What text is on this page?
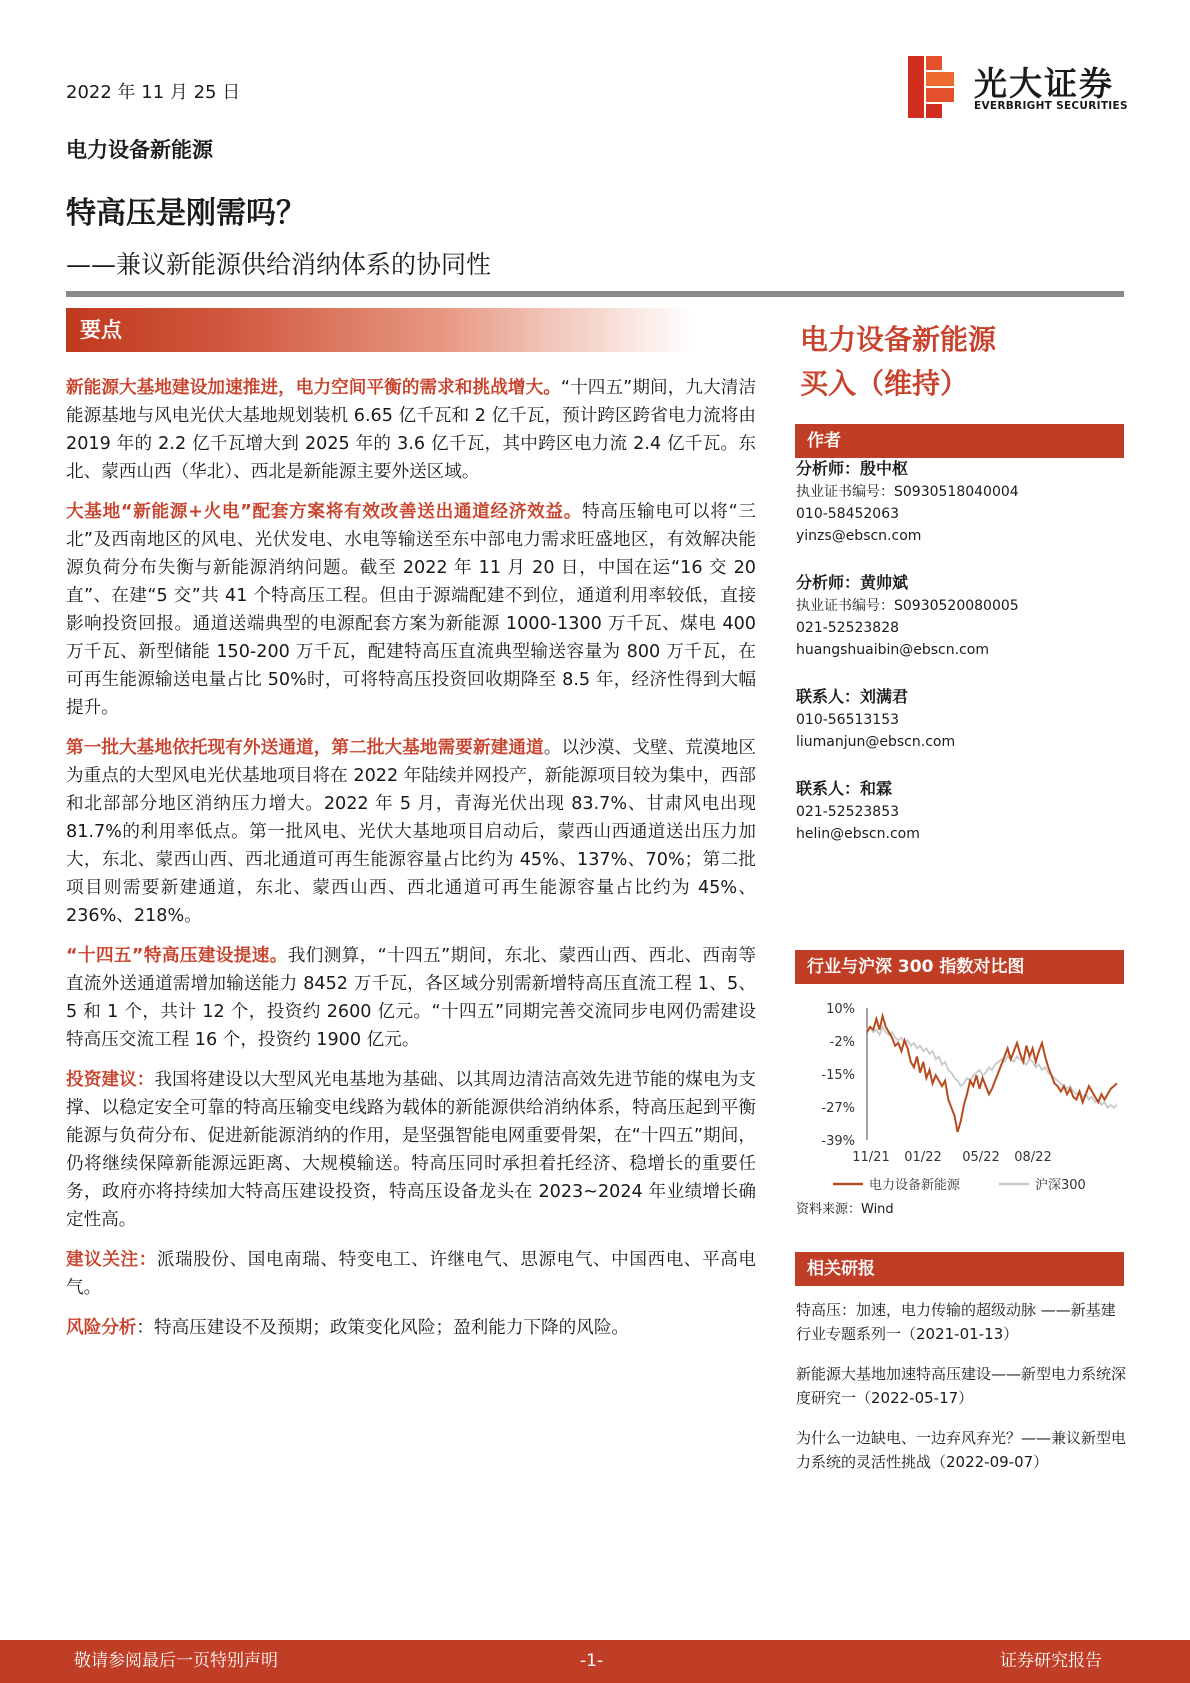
2022 年 11 月 25 日	光大证券
EVERBRIGHT SECURITIES
电力设备新能源
特高压是刚需吗？
——兼议新能源供给消纳体系的协同性
要点

新能源大基地建设加速推进，电力空间平衡的需求和挑战增大。“十四五”期间，九大清洁能源基地与风电光伏大基地规划装机 6.65 亿千瓦和 2 亿千瓦，预计跨区跨省电力流将由 2019 年的 2.2 亿千瓦增大到 2025 年的 3.6 亿千瓦，其中跨区电力流 2.4 亿千瓦。东北、蒙西山西（华北）、西北是新能源主要外送区域。

大基地“新能源+火电”配套方案将有效改善送出通道经济效益。特高压输电可以将“三北”及西南地区的风电、光伏发电、水电等输送至东中部电力需求旺盛地区，有效解决能源负荷分布失衡与新能源消纳问题。截至 2022 年 11 月 20 日，中国在运“16 交 20 直”、在建“5 交”共 41 个特高压工程。但由于源端配建不到位，通道利用率较低，直接影响投资回报。通道送端典型的电源配套方案为新能源 1000-1300 万千瓦、煤电 400 万千瓦、新型储能 150-200 万千瓦，配建特高压直流典型输送容量为 800 万千瓦，在可再生能源输送电量占比 50%时，可将特高压投资回收期降至 8.5 年，经济性得到大幅提升。

第一批大基地依托现有外送通道，第二批大基地需要新建通道。以沙漠、戈壁、荒漠地区为重点的大型风电光伏基地项目将在 2022 年陆续并网投产，新能源项目较为集中，西部和北部部分地区消纳压力增大。2022 年 5 月，青海光伏出现 83.7%、甘肃风电出现 81.7%的利用率低点。第一批风电、光伏大基地项目启动后，蒙西山西通道送出压力加大，东北、蒙西山西、西北通道可再生能源容量占比约为 45%、137%、70%；第二批项目则需要新建通道，东北、蒙西山西、西北通道可再生能源容量占比约为 45%、236%、218%。

“十四五”特高压建设提速。我们测算，“十四五”期间，东北、蒙西山西、西北、西南等直流外送通道需增加输送能力 8452 万千瓦，各区域分别需新增特高压直流工程 1、5、5 和 1 个，共计 12 个，投资约 2600 亿元。“十四五”同期完善交流同步电网仍需建设特高压交流工程 16 个，投资约 1900 亿元。

投资建议：我国将建设以大型风光电基地为基础、以其周边清洁高效先进节能的煤电为支撑、以稳定安全可靠的特高压输变电线路为载体的新能源供给消纳体系，特高压起到平衡能源与负荷分布、促进新能源消纳的作用，是坚强智能电网重要骨架，在“十四五”期间，仍将继续保障新能源远距离、大规模输送。特高压同时承担着托经济、稳增长的重要任务，政府亦将持续加大特高压建设投资，特高压设备龙头在 2023~2024 年业绩增长确定性高。

建议关注：派瑞股份、国电南瑞、特变电工、许继电气、思源电气、中国西电、平高电气。

风险分析：特高压建设不及预期；政策变化风险；盈利能力下降的风险。

电力设备新能源
买入（维持）
作者
分析师：殷中枢
执业证书编号：S0930518040004
010-58452063
yinzs@ebscn.com
分析师：黄帅斌
执业证书编号：S0930520080005
021-52523828
huangshuaibin@ebscn.com
联系人：刘满君
010-56513153
liumanjun@ebscn.com
联系人：和霖
021-52523853
helin@ebscn.com
行业与沪深 300 指数对比图
10%
-2%
-15%
-27%
-39%
11/21 01/22 05/22 08/22
电力设备新能源	沪深300
资料来源：Wind
相关研报
特高压：加速，电力传输的超级动脉 ——新基建行业专题系列一（2021-01-13）
新能源大基地加速特高压建设——新型电力系统深度研究一（2022-05-17）
为什么一边缺电、一边弃风弃光？——兼议新型电力系统的灵活性挑战（2022-09-07）
敬请参阅最后一页特别声明	-1-	证券研究报告
